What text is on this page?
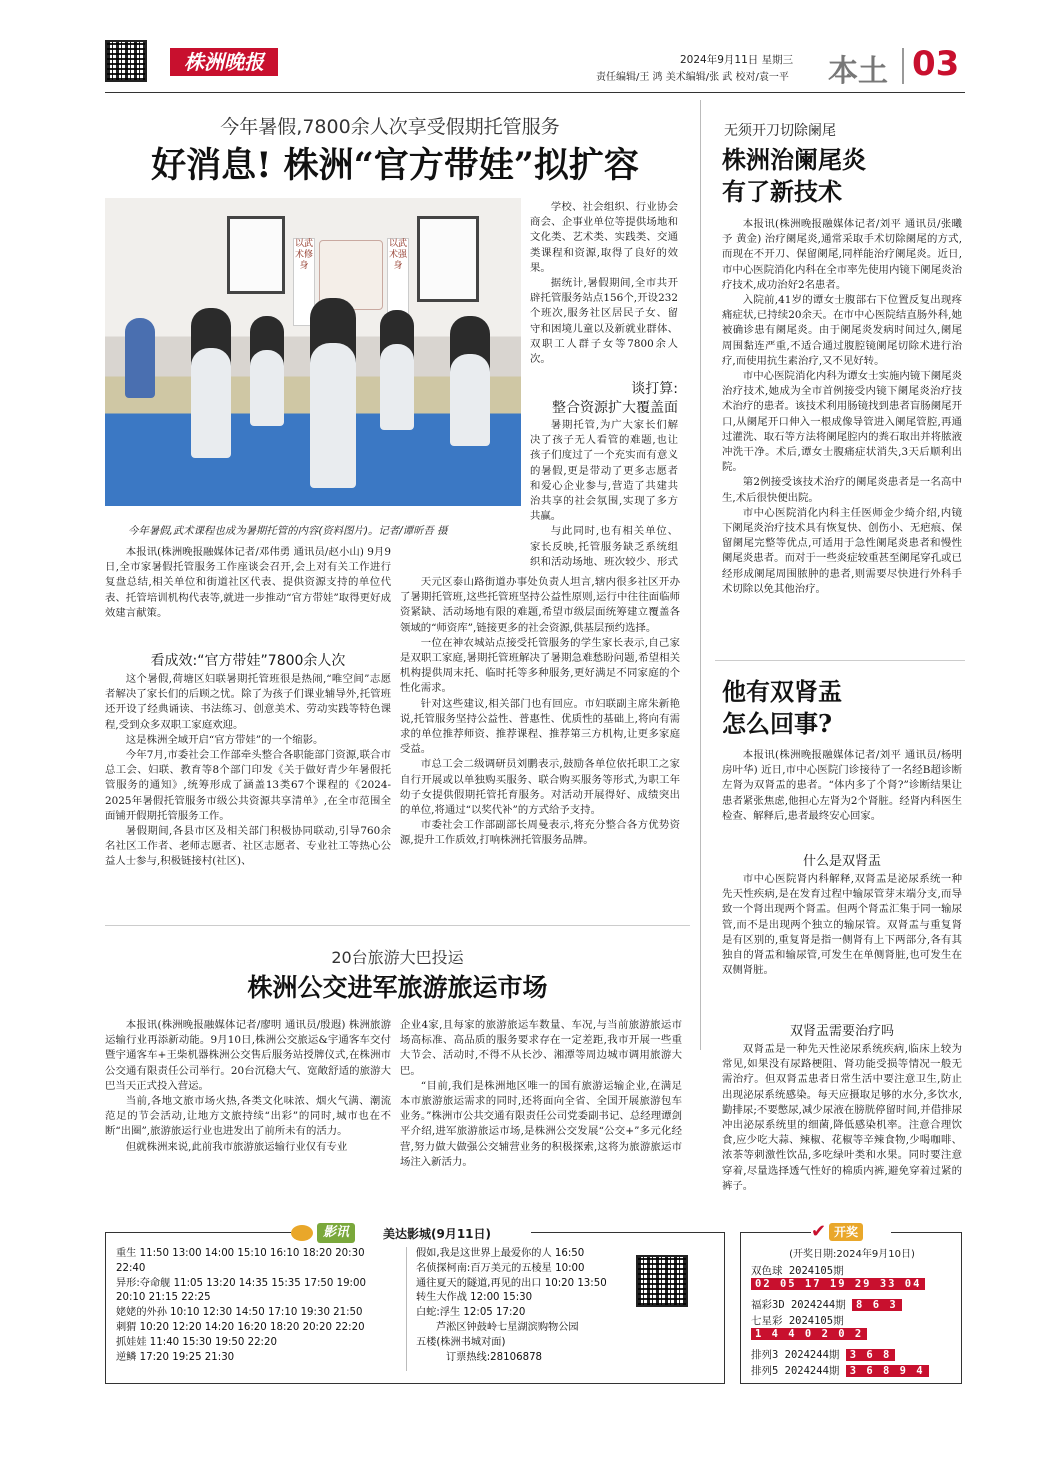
株洲晚报	2024年9月11日 星期三
责任编辑/王 鸿 美术编辑/张 武 校对/袁一平	本土 03
今年暑假,7800余人次享受假期托管服务
好消息! 株洲“官方带娃”拟扩容
以武术修身
以武术强身
今年暑假,武术课程也成为暑期托管的内容(资料图片)。记者/谭昕吾 摄

学校、社会组织、行业协会商会、企事业单位等提供场地和文化类、艺术类、实践类、交通类课程和资源,取得了良好的效果。

据统计,暑假期间,全市共开辟托管服务站点156个,开设232个班次,服务社区居民子女、留守和困境儿童以及新就业群体、双职工人群子女等7800余人次。

谈打算:
整合资源扩大覆盖面

暑期托管,为广大家长们解决了孩子无人看管的难题,也让孩子们度过了一个充实而有意义的暑假,更是带动了更多志愿者和爱心企业参与,营造了共建共治共享的社会氛围,实现了多方共赢。

与此同时,也有相关单位、家长反映,托管服务缺乏系统组织和活动场地、班次较少、形式

本报讯(株洲晚报融媒体记者/邓伟勇 通讯员/赵小山) 9月9日,全市家暑假托管服务工作座谈会召开,会上对有关工作进行复盘总结,相关单位和街道社区代表、提供资源支持的单位代表、托管培训机构代表等,就进一步推动“官方带娃”取得更好成效建言献策。

看成效:“官方带娃”7800余人次

这个暑假,荷塘区妇联暑期托管班很是热闹,“唯空间”志愿者解决了家长们的后顾之忧。除了为孩子们课业辅导外,托管班还开设了经典诵读、书法练习、创意美术、劳动实践等特色课程,受到众多双职工家庭欢迎。

这是株洲全域开启“官方带娃”的一个缩影。

今年7月,市委社会工作部牵头整合各职能部门资源,联合市总工会、妇联、教育等8个部门印发《关于做好青少年暑假托管服务的通知》,统筹形成了涵盖13类67个课程的《2024-2025年暑假托管服务市级公共资源共享清单》,在全市范围全面铺开假期托管服务工作。

暑假期间,各县市区及相关部门积极协同联动,引导760余名社区工作者、老师志愿者、社区志愿者、专业社工等热心公益人士参与,积极链接村(社区)、

天元区泰山路街道办事处负责人坦言,辖内很多社区开办了暑期托管班,这些托管班坚持公益性原则,运行中往往面临师资紧缺、活动场地有限的难题,希望市级层面统筹建立覆盖各领域的“师资库”,链接更多的社会资源,供基层预约选择。

一位在神农城站点接受托管服务的学生家长表示,自己家是双职工家庭,暑期托管班解决了暑期急难愁盼问题,希望相关机构提供周末托、临时托等多种服务,更好满足不同家庭的个性化需求。

针对这些建议,相关部门也有回应。市妇联副主席朱新艳说,托管服务坚持公益性、普惠性、优质性的基础上,将向有需求的单位推荐师资、推荐课程、推荐第三方机构,让更多家庭受益。

市总工会二级调研员刘鹏表示,鼓励各单位依托职工之家自行开展或以单独购买服务、联合购买服务等形式,为职工年幼子女提供假期托管托育服务。对活动开展得好、成绩突出的单位,将通过“以奖代补”的方式给予支持。

市委社会工作部副部长周曼表示,将充分整合各方优势资源,提升工作质效,打响株洲托管服务品牌。

20台旅游大巴投运
株洲公交进军旅游旅运市场

本报讯(株洲晚报融媒体记者/廖明 通讯员/殷遐) 株洲旅游运输行业再添新动能。9月10日,株洲公交旅运&宇通客车交付暨宇通客车+王柴机器株洲公交售后服务站授牌仪式,在株洲市公交通有限责任公司举行。20台沉稳大气、宽敞舒适的旅游大巴当天正式投入营运。

当前,各地文旅市场火热,各类文化味浓、烟火气满、潮流范足的节会活动,让地方文旅持续“出彩”的同时,城市也在不断“出圈”,旅游旅运行业也进发出了前所未有的活力。

但就株洲来说,此前我市旅游旅运输行业仅有专业

企业4家,且每家的旅游旅运车数量、车况,与当前旅游旅运市场高标准、高品质的服务要求存在一定差距,我市开展一些重大节会、活动时,不得不从长沙、湘潭等周边城市调用旅游大巴。

“目前,我们是株洲地区唯一的国有旅游运输企业,在满足本市旅游旅运需求的同时,还将面向全省、全国开展旅游包车业务。”株洲市公共交通有限责任公司党委副书记、总经理谭剑平介绍,进军旅游旅运市场,是株洲公交发展“公交+”多元化经营,努力做大做强公交辅营业务的积极探索,这将为旅游旅运市场注入新活力。

无须开刀切除阑尾
株洲治阑尾炎
有了新技术

本报讯(株洲晚报融媒体记者/刘平 通讯员/张曦予 黄金) 治疗阑尾炎,通常采取手术切除阑尾的方式,而现在不开刀、保留阑尾,同样能治疗阑尾炎。近日,市中心医院消化内科在全市率先使用内镜下阑尾炎治疗技术,成功治好2名患者。

入院前,41岁的谭女士腹部右下位置反复出现疼痛症状,已持续20余天。在市中心医院结直肠外科,她被确诊患有阑尾炎。由于阑尾炎发病时间过久,阑尾周围黏连严重,不适合通过腹腔镜阑尾切除术进行治疗,而使用抗生素治疗,又不见好转。

市中心医院消化内科为谭女士实施内镜下阑尾炎治疗技术,她成为全市首例接受内镜下阑尾炎治疗技术治疗的患者。该技术利用肠镜找到患者盲肠阑尾开口,从阑尾开口伸入一根成像导管进入阑尾管腔,再通过灌洗、取石等方法将阑尾腔内的粪石取出并将脓液冲洗干净。术后,谭女士腹痛症状消失,3天后顺利出院。

第2例接受该技术治疗的阑尾炎患者是一名高中生,术后很快便出院。

市中心医院消化内科主任医师金少绮介绍,内镜下阑尾炎治疗技术具有恢复快、创伤小、无疤痕、保留阑尾完整等优点,可适用于急性阑尾炎患者和慢性阑尾炎患者。而对于一些炎症较重甚至阑尾穿孔或已经形成阑尾周围脓肿的患者,则需要尽快进行外科手术切除以免其他治疗。

他有双肾盂
怎么回事?

本报讯(株洲晚报融媒体记者/刘平 通讯员/杨明 房叶华) 近日,市中心医院门诊接待了一名经B超诊断左肾为双肾盂的患者。“体内多了个肾?”诊断结果让患者紧张焦虑,他担心左肾为2个肾脏。经肾内科医生检查、解释后,患者最终安心回家。

什么是双肾盂

市中心医院肾内科解释,双肾盂是泌尿系统一种先天性疾病,是在发育过程中输尿管芽末端分支,而导致一个肾出现两个肾盂。但两个肾盂汇集于同一输尿管,而不是出现两个独立的输尿管。双肾盂与重复肾是有区别的,重复肾是指一侧肾有上下两部分,各有其独自的肾盂和输尿管,可发生在单侧肾脏,也可发生在双侧肾脏。

双肾盂需要治疗吗

双肾盂是一种先天性泌尿系统疾病,临床上较为常见,如果没有尿路梗阻、肾功能受损等情况一般无需治疗。但双肾盂患者日常生活中要注意卫生,防止出现泌尿系统感染。每天应摄取足够的水分,多饮水,勤排尿;不要憋尿,减少尿液在膀胱停留时间,并借排尿冲出泌尿系统里的细菌,降低感染机率。注意合理饮食,应少吃大蒜、辣椒、花椒等辛辣食物,少喝咖啡、浓茶等刺激性饮品,多吃绿叶类和水果。同时要注意穿着,尽量选择透气性好的棉质内裤,避免穿着过紧的裤子。

影讯	美达影城(9月11日)
重生 11:50 13:00 14:00 15:10 16:10 18:20 20:30
22:40
异形:夺命舰 11:05 13:20 14:35 15:35 17:50 19:00
20:10 21:15 22:25
姥姥的外孙 10:10 12:30 14:50 17:10 19:30 21:50
刺猬 10:20 12:20 14:20 16:20 18:20 20:20 22:20
抓娃娃 11:40 15:30 19:50 22:20
逆鳞 17:20 19:25 21:30
假如,我是这世界上最爱你的人 16:50
名侦探柯南:百万美元的五棱星 10:00
通往夏天的隧道,再见的出口 10:20 13:50
转生大作战 12:00 15:30
白蛇:浮生 12:05 17:20
芦淞区钟鼓岭七星湖滨购物公园
五楼(株洲书城对面)
订票热线:28106878
✔ 开奖
(开奖日期:2024年9月10日)
双色球 2024105期
02 05 17 19 29 33 04
福彩3D 2024244期 8 6 3
七星彩 2024105期
1 4 4 0 2 0 2
排列3 2024244期 3 6 8
排列5 2024244期 3 6 8 9 4
